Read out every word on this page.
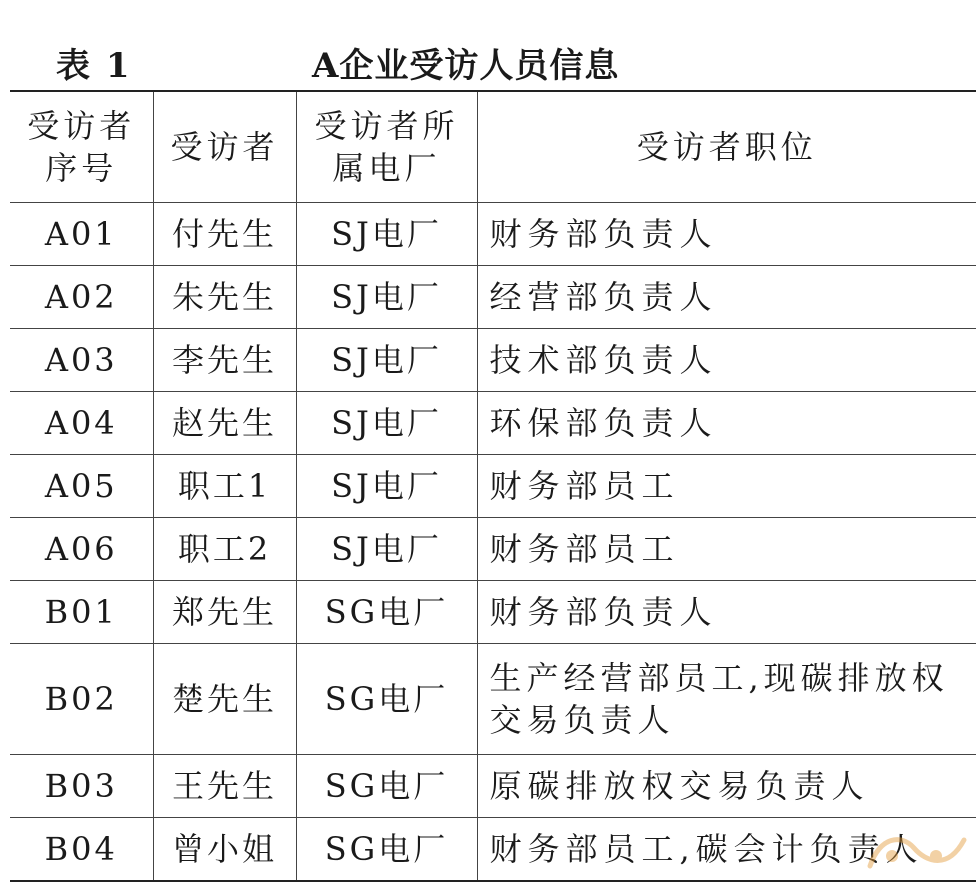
表 1	A企业受访人员信息
受访者序号	受访者	受访者所属电厂	受访者职位
A01	付先生	SJ电厂	财务部负责人
A02	朱先生	SJ电厂	经营部负责人
A03	李先生	SJ电厂	技术部负责人
A04	赵先生	SJ电厂	环保部负责人
A05	职工1	SJ电厂	财务部员工
A06	职工2	SJ电厂	财务部员工
B01	郑先生	SG电厂	财务部负责人
B02	楚先生	SG电厂	生产经营部员工,现碳排放权交易负责人
B03	王先生	SG电厂	原碳排放权交易负责人
B04	曾小姐	SG电厂	财务部员工,碳会计负责人
